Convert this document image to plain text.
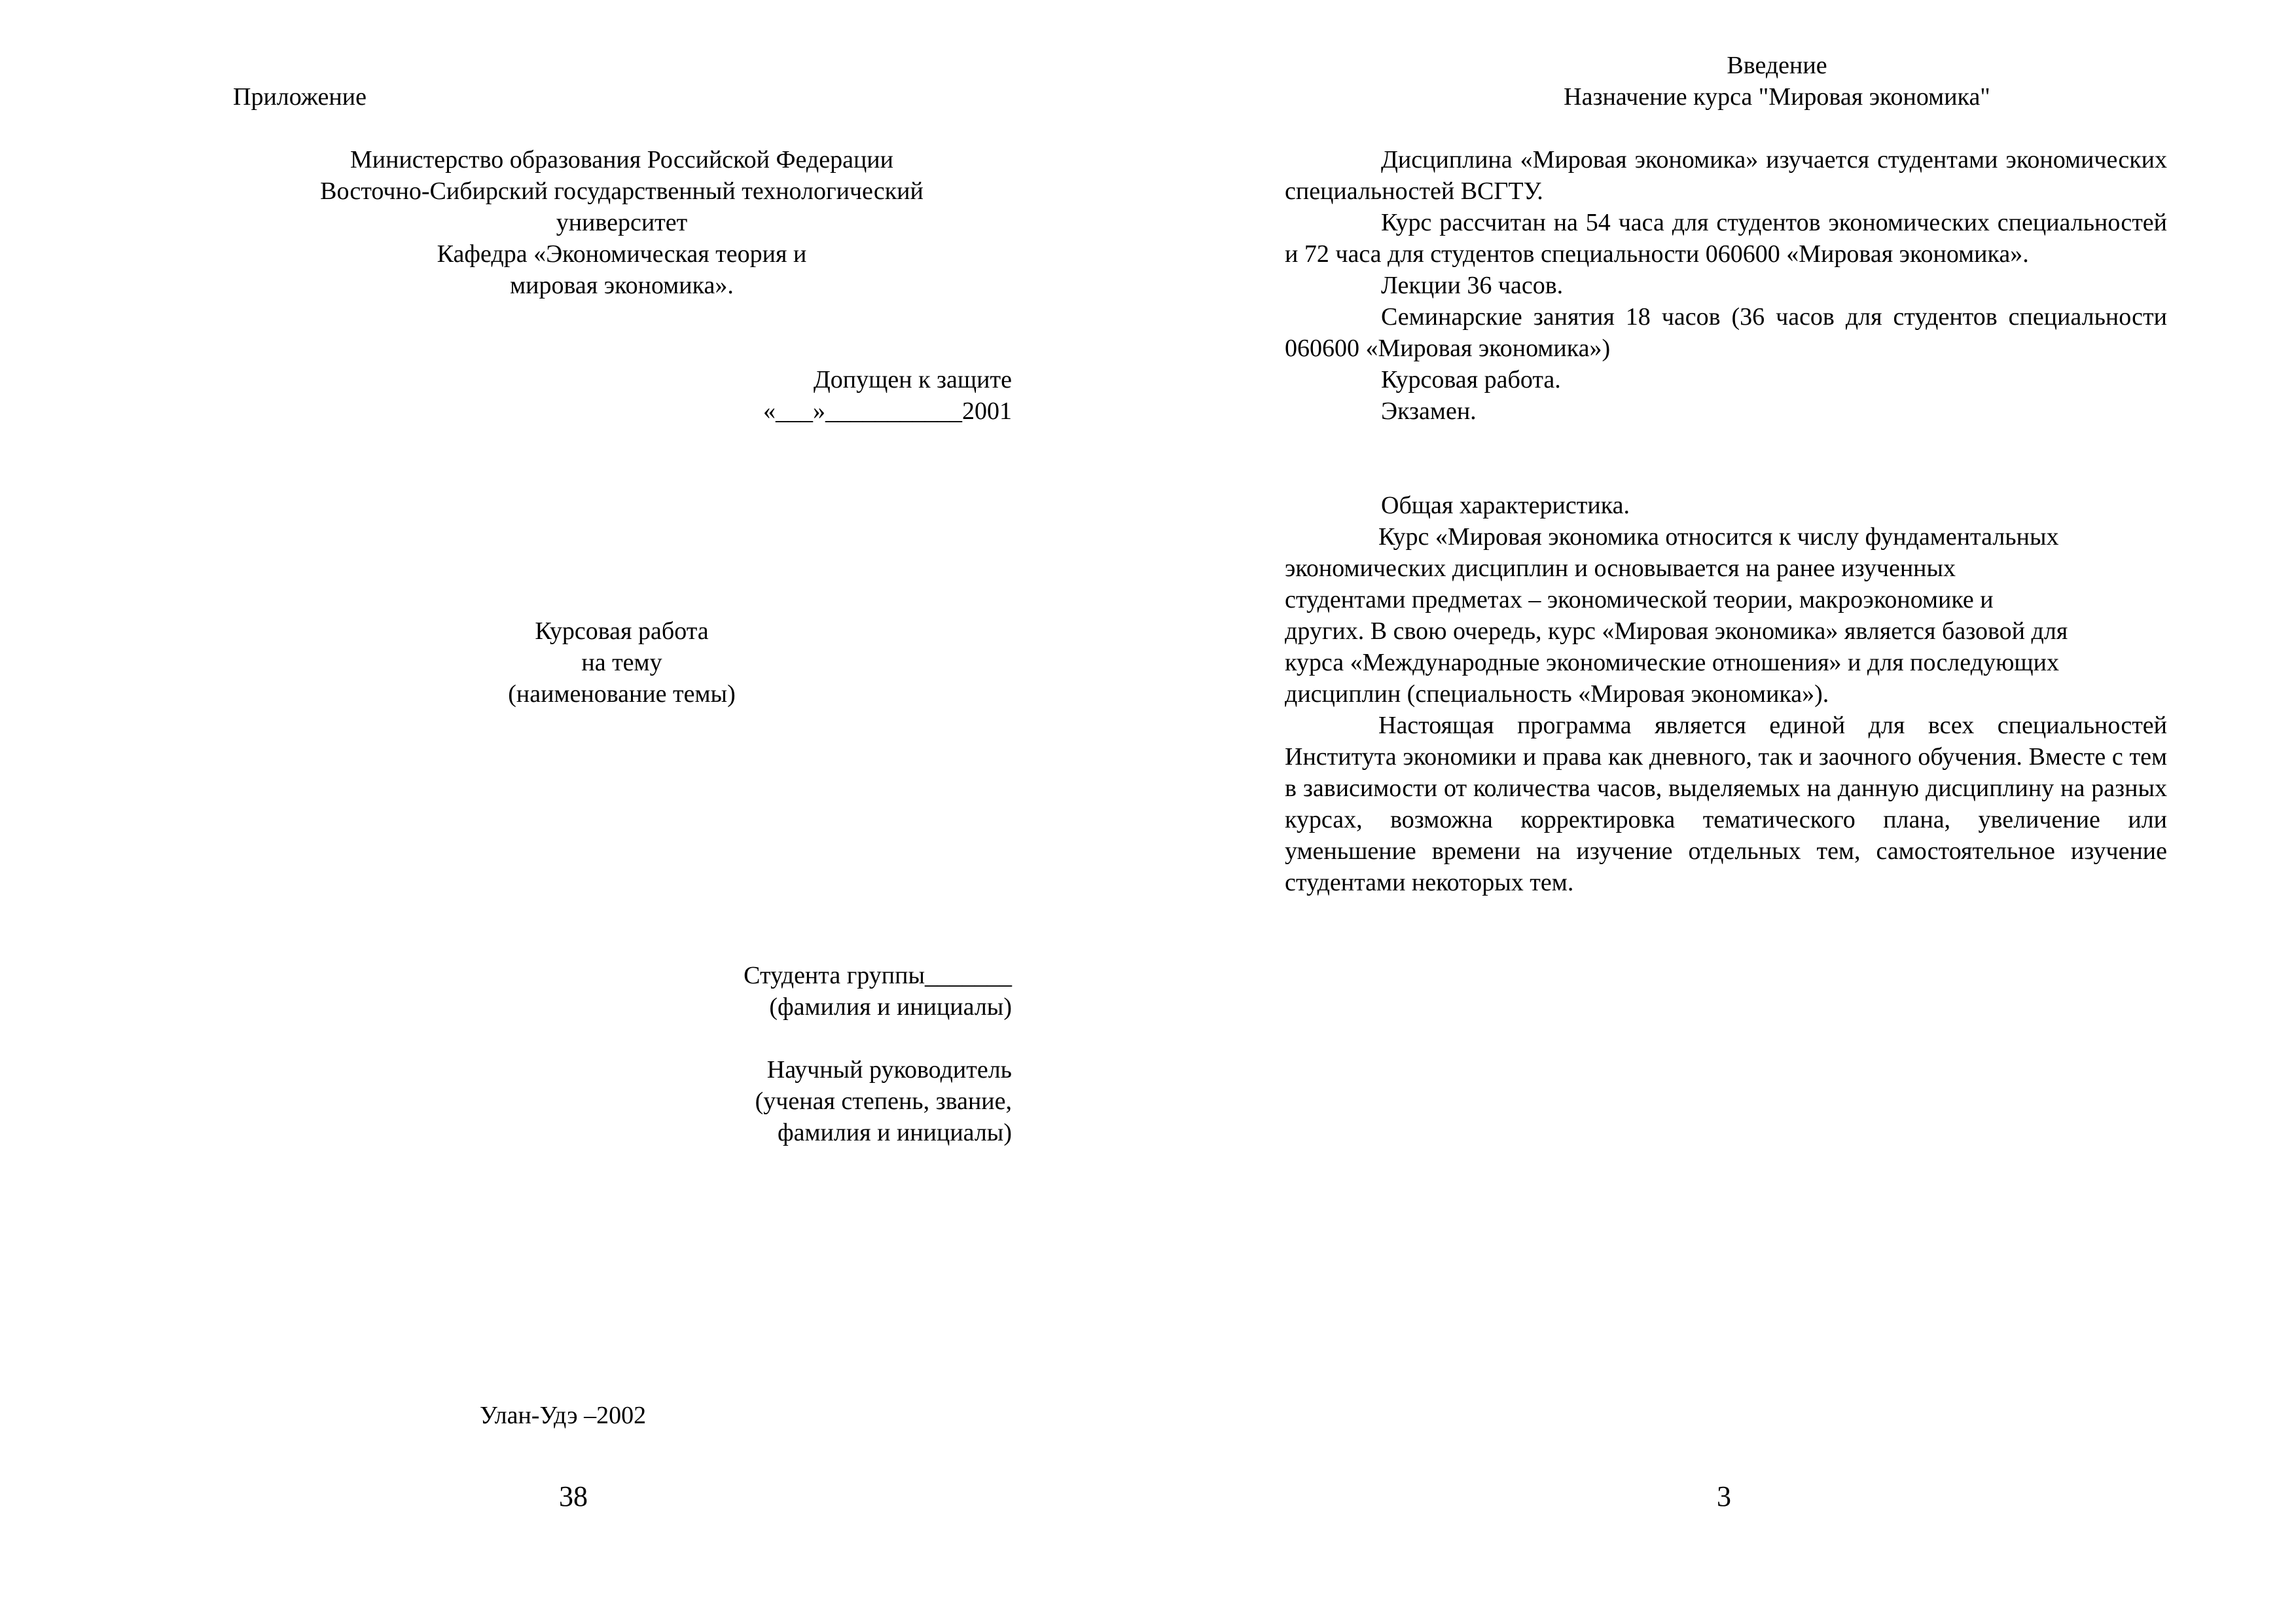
Приложение
Министерство образования Российской Федерации
Восточно-Сибирский государственный технологический
университет
Кафедра «Экономическая теория и
мировая экономика».
Допущен к защите
«___»___________2001
Курсовая работа
на тему
(наименование темы)
Студента группы_______
(фамилия и инициалы)
Научный руководитель
(ученая степень, звание,
фамилия и инициалы)
Улан-Удэ –2002
38
Введение
Назначение курса "Мировая экономика"

Дисциплина «Мировая экономика» изучается студентами экономических специальностей ВСГТУ.

Курс рассчитан на 54 часа для студентов экономических специальностей и 72 часа для студентов специальности 060600 «Мировая экономика».

Лекции 36 часов.

Семинарские занятия 18 часов (36 часов для студентов специальности 060600 «Мировая экономика»)

Курсовая работа.

Экзамен.

Общая характеристика.
Курс «Мировая экономика относится к числу фундаментальных
экономических дисциплин и основывается на ранее изученных
студентами предметах – экономической теории, макроэкономике и
других. В свою очередь, курс «Мировая экономика» является базовой для
курса «Международные экономические отношения» и для последующих
дисциплин (специальность «Мировая экономика»).

Настоящая программа является единой для всех специальностей Института экономики и права как дневного, так и заочного обучения. Вместе с тем в зависимости от количества часов, выделяемых на данную дисциплину на разных курсах, возможна корректировка тематического плана, увеличение или уменьшение времени на изучение отдельных тем, самостоятельное изучение студентами некоторых тем.

3
